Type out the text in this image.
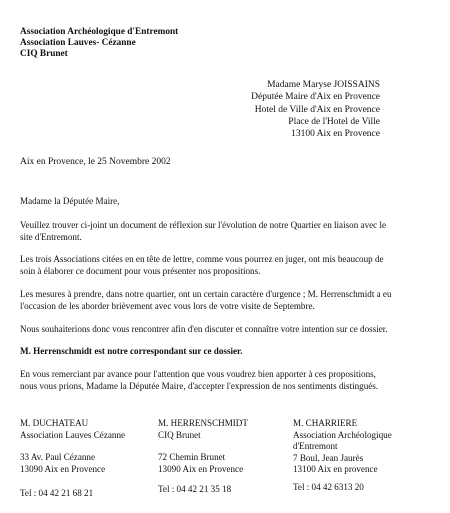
Association Archéologique d'Entremont
Association Lauves- Cézanne
CIQ Brunet
Madame Maryse JOISSAINS
Députée Maire d'Aix en Provence
Hotel de Ville d'Aix en Provence
Place de l'Hotel de Ville
13100 Aix en Provence
Aix en Provence, le 25 Novembre 2002

Madame la Députée Maire,

Veuillez trouver ci-joint un document de réflexion sur l'évolution de notre Quartier en liaison avec le site d'Entremont.

Les trois Associations citées en en tête de lettre, comme vous pourrez en juger, ont mis beaucoup de soin à élaborer ce document pour vous présenter nos propositions.

Les mesures à prendre, dans notre quartier, ont un certain caractère d'urgence ; M. Herrenschmidt a eu l'occasion de les aborder brièvement avec vous lors de votre visite de Septembre.

Nous souhaiterions donc vous rencontrer afin d'en discuter et connaître votre intention sur ce dossier.

M. Herrenschmidt est notre correspondant sur ce dossier.

En vous remerciant par avance pour l'attention que vous voudrez bien apporter à ces propositions, nous vous prions, Madame la Députée Maire, d'accepter l'expression de nos sentiments distingués.

M. DUCHATEAU
Association Lauves Cézanne
33 Av. Paul Cézanne
13090 Aix en Provence
Tel : 04 42 21 68 21
M. HERRENSCHMIDT
CIQ Brunet
72 Chemin Brunet
13090 Aix en Provence
Tel : 04 42 21 35 18
M. CHARRIERE
Association Archéologique
d'Entremont
7 Boul. Jean Jaurès
13100 Aix en provence
Tel : 04 42 6313 20
